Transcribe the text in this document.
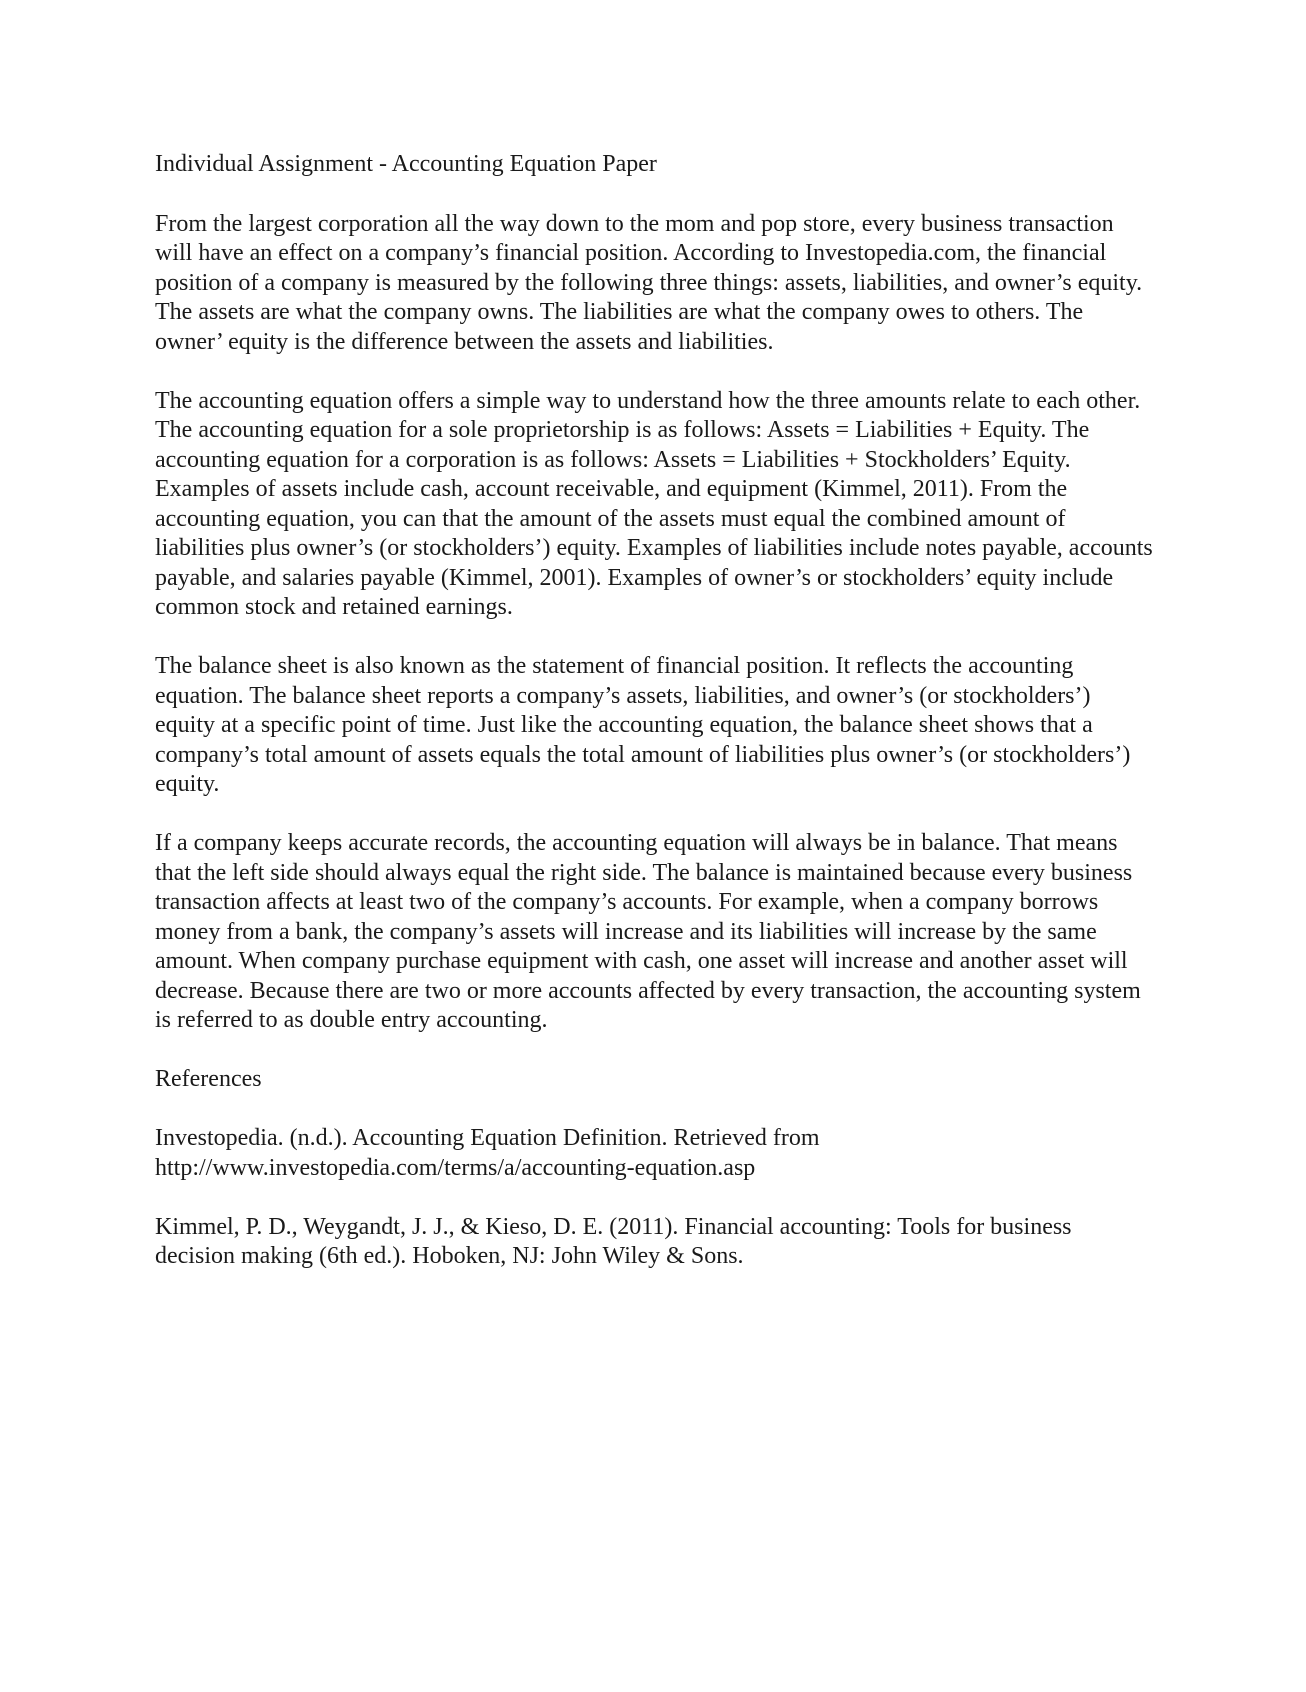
Individual Assignment - Accounting Equation Paper

From the largest corporation all the way down to the mom and pop store, every business transaction will have an effect on a company’s financial position. According to Investopedia.com, the financial position of a company is measured by the following three things: assets, liabilities, and owner’s equity. The assets are what the company owns. The liabilities are what the company owes to others. The owner’ equity is the difference between the assets and liabilities.

The accounting equation offers a simple way to understand how the three amounts relate to each other. The accounting equation for a sole proprietorship is as follows: Assets = Liabilities + Equity. The accounting equation for a corporation is as follows: Assets = Liabilities + Stockholders’ Equity. Examples of assets include cash, account receivable, and equipment (Kimmel, 2011). From the accounting equation, you can that the amount of the assets must equal the combined amount of liabilities plus owner’s (or stockholders’) equity. Examples of liabilities include notes payable, accounts payable, and salaries payable (Kimmel, 2001). Examples of owner’s or stockholders’ equity include common stock and retained earnings.

The balance sheet is also known as the statement of financial position. It reflects the accounting equation. The balance sheet reports a company’s assets, liabilities, and owner’s (or stockholders’) equity at a specific point of time. Just like the accounting equation, the balance sheet shows that a company’s total amount of assets equals the total amount of liabilities plus owner’s (or stockholders’) equity.

If a company keeps accurate records, the accounting equation will always be in balance. That means that the left side should always equal the right side. The balance is maintained because every business transaction affects at least two of the company’s accounts. For example, when a company borrows money from a bank, the company’s assets will increase and its liabilities will increase by the same amount. When company purchase equipment with cash, one asset will increase and another asset will decrease. Because there are two or more accounts affected by every transaction, the accounting system is referred to as double entry accounting.

References
Investopedia. (n.d.). Accounting Equation Definition. Retrieved from
http://www.investopedia.com/terms/a/accounting-equation.asp
Kimmel, P. D., Weygandt, J. J., & Kieso, D. E. (2011). Financial accounting: Tools for business
decision making (6th ed.). Hoboken, NJ: John Wiley & Sons.
